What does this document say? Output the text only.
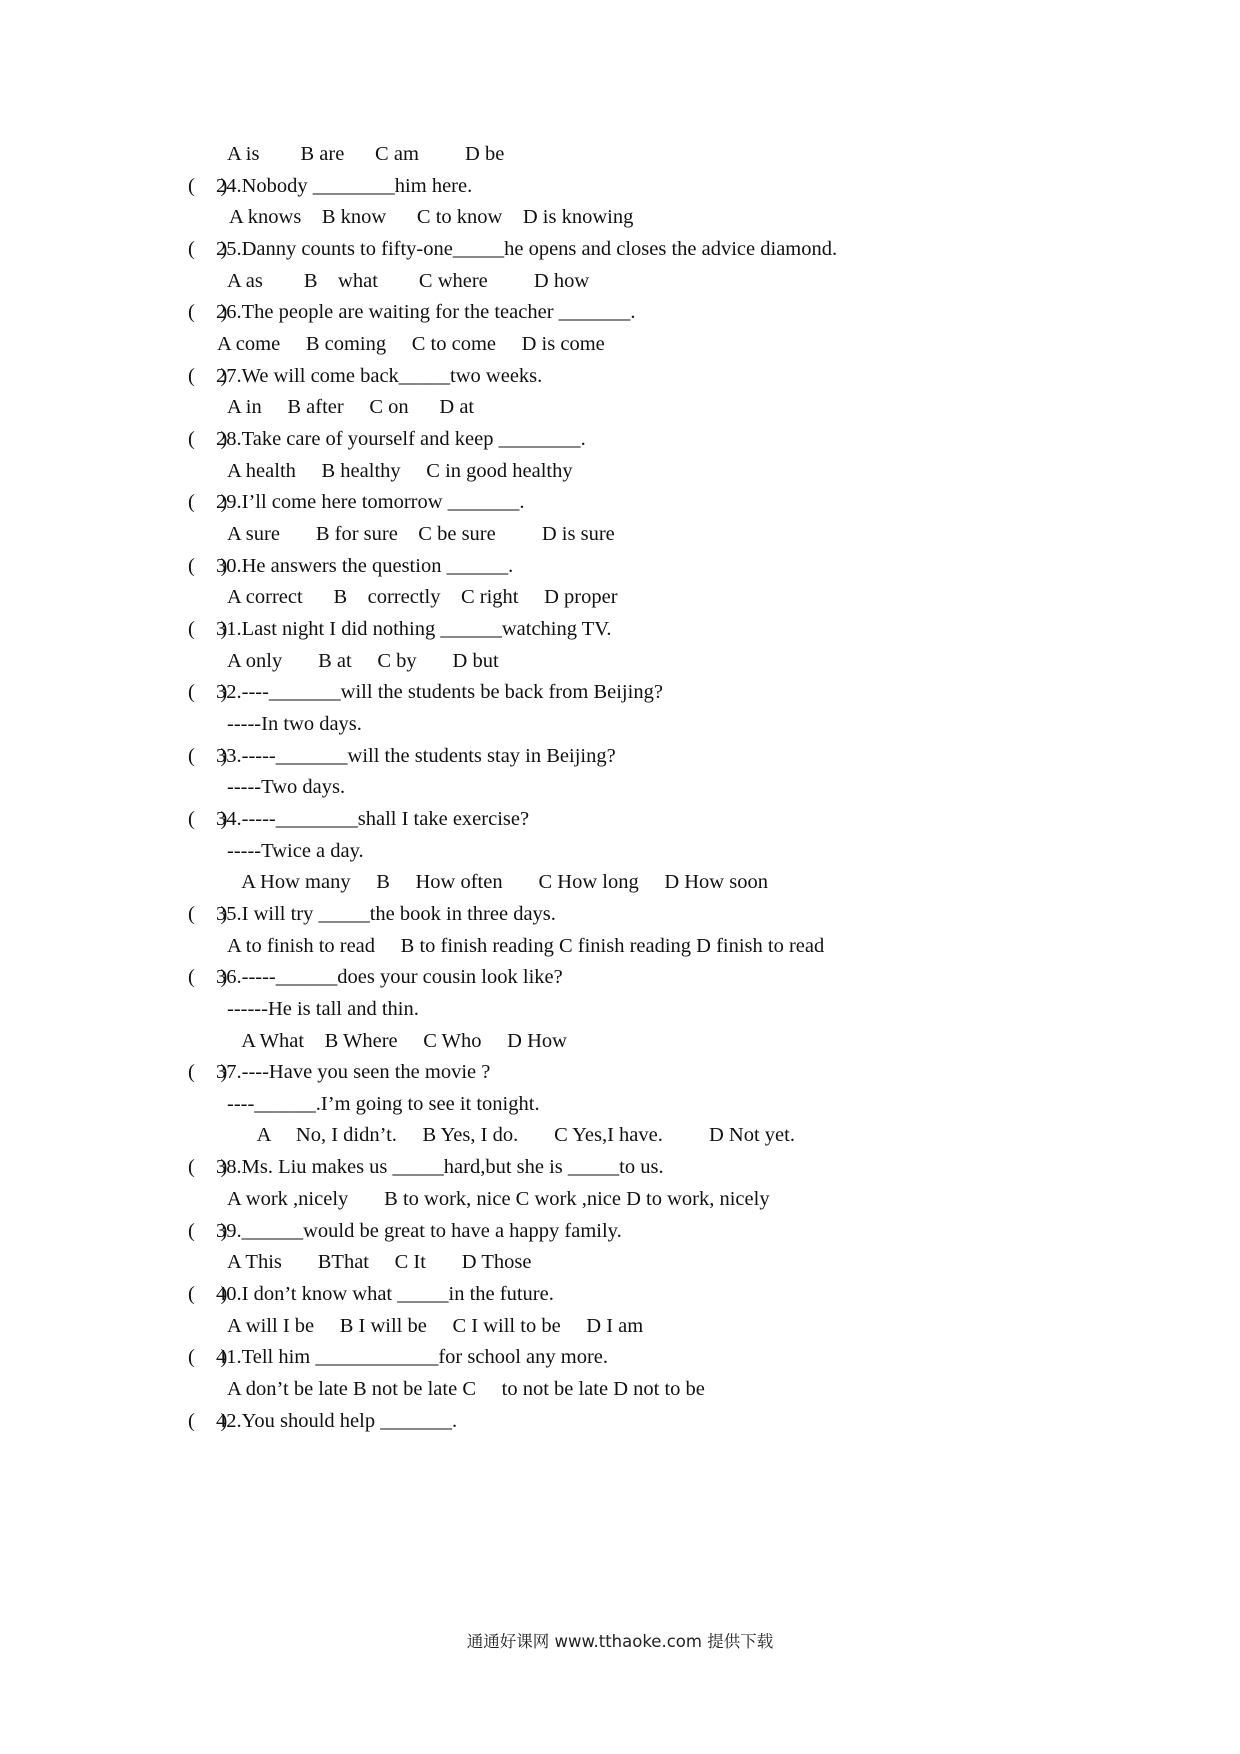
A is        B are      C am         D be
(     )
24.Nobody ________him here.
A knows    B know      C to know    D is knowing
(     )
25.Danny counts to fifty-one_____he opens and closes the advice diamond.
A as        B    what        C where         D how
(     )
26.The people are waiting for the teacher _______.
A come     B coming     C to come     D is come
(     )
27.We will come back_____two weeks.
A in     B after     C on      D at
(     )
28.Take care of yourself and keep ________.
A health     B healthy     C in good healthy
(     )
29.I’ll come here tomorrow _______.
A sure       B for sure    C be sure         D is sure
(     )
30.He answers the question ______.
A correct      B    correctly    C right     D proper
(     )
31.Last night I did nothing ______watching TV.
A only       B at     C by       D but
(     )
32.----_______will the students be back from Beijing?
-----In two days.
(     )
33.-----_______will the students stay in Beijing?
-----Two days.
(     )
34.-----________shall I take exercise?
-----Twice a day.
A How many     B     How often       C How long     D How soon
(     )
35.I will try _____the book in three days.
A to finish to read     B to finish reading C finish reading D finish to read
(     )
36.-----______does your cousin look like?
------He is tall and thin.
A What    B Where     C Who     D How
(     )
37.----Have you seen the movie ?
----______.I’m going to see it tonight.
A     No, I didn’t.     B Yes, I do.       C Yes,I have.         D Not yet.
(     )
38.Ms. Liu makes us _____hard,but she is _____to us.
A work ,nicely       B to work, nice C work ,nice D to work, nicely
(     )
39.______would be great to have a happy family.
A This       BThat     C It       D Those
(     )
40.I don’t know what _____in the future.
A will I be     B I will be     C I will to be     D I am
(     )
41.Tell him ____________for school any more.
A don’t be late B not be late C     to not be late D not to be
(     )
42.You should help _______.
通通好课网 www.tthaoke.com 提供下载
